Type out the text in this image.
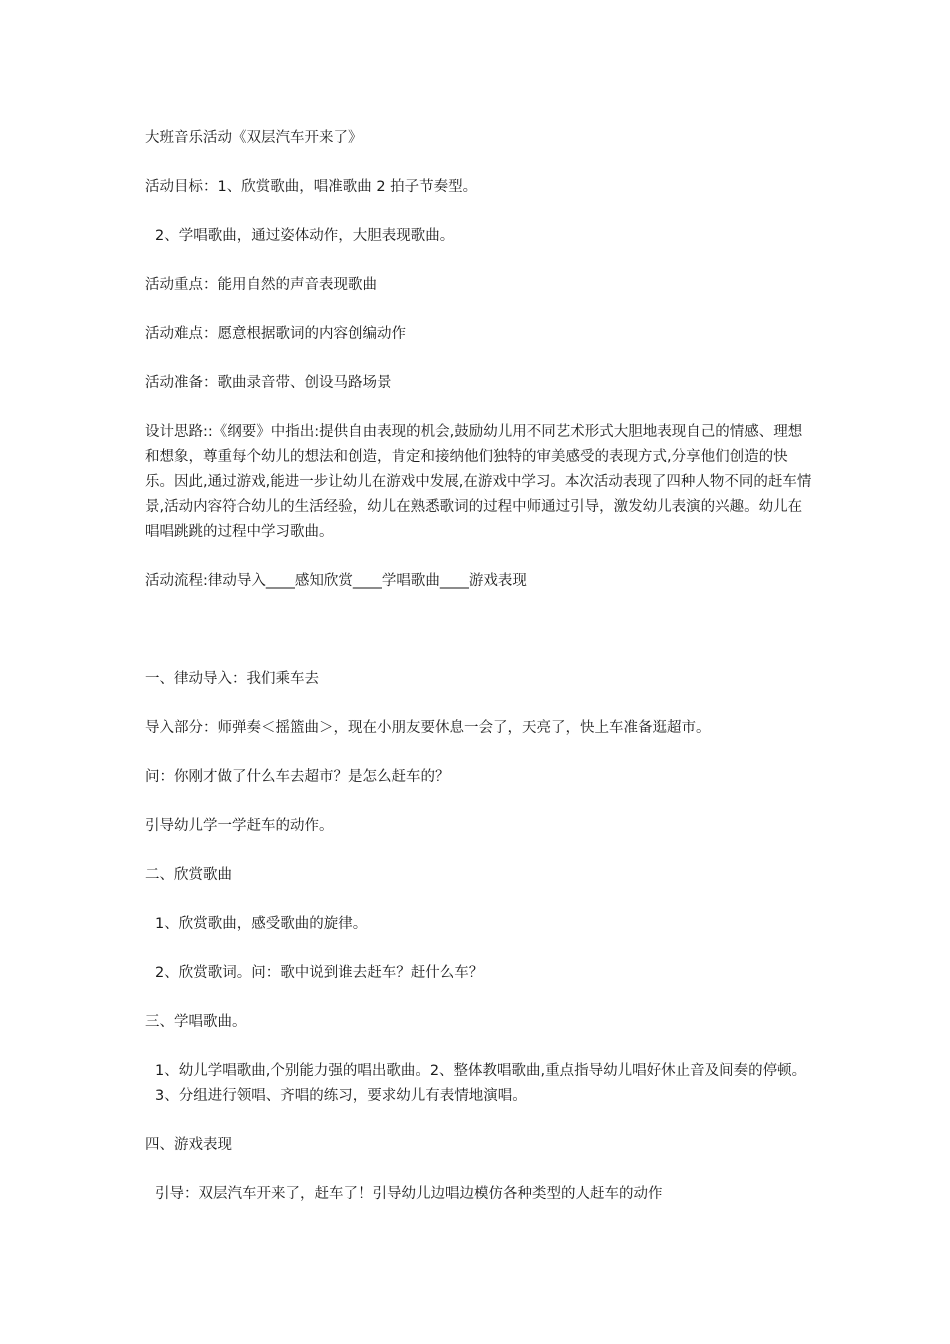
大班音乐活动《双层汽车开来了》

活动目标：1、欣赏歌曲，唱准歌曲 2 拍子节奏型。

2、学唱歌曲，通过姿体动作，大胆表现歌曲。

活动重点：能用自然的声音表现歌曲

活动难点：愿意根据歌词的内容创编动作

活动准备：歌曲录音带、创设马路场景

设计思路::《纲要》中指出:提供自由表现的机会,鼓励幼儿用不同艺术形式大胆地表现自己的情感、理想和想象，尊重每个幼儿的想法和创造，肯定和接纳他们独特的审美感受的表现方式,分享他们创造的快乐。因此,通过游戏,能进一步让幼儿在游戏中发展,在游戏中学习。本次活动表现了四种人物不同的赶车情景,活动内容符合幼儿的生活经验，幼儿在熟悉歌词的过程中师通过引导，激发幼儿表演的兴趣。幼儿在唱唱跳跳的过程中学习歌曲。

活动流程:律动导入____感知欣赏____学唱歌曲____游戏表现

一、律动导入：我们乘车去

导入部分：师弹奏＜摇篮曲＞，现在小朋友要休息一会了，天亮了，快上车准备逛超市。

问：你刚才做了什么车去超市？是怎么赶车的？

引导幼儿学一学赶车的动作。

二、欣赏歌曲

1、欣赏歌曲，感受歌曲的旋律。

2、欣赏歌词。问：歌中说到谁去赶车？赶什么车？

三、学唱歌曲。

1、幼儿学唱歌曲,个别能力强的唱出歌曲。2、整体教唱歌曲,重点指导幼儿唱好休止音及间奏的停顿。3、分组进行领唱、齐唱的练习，要求幼儿有表情地演唱。

四、游戏表现

引导：双层汽车开来了，赶车了！引导幼儿边唱边模仿各种类型的人赶车的动作
